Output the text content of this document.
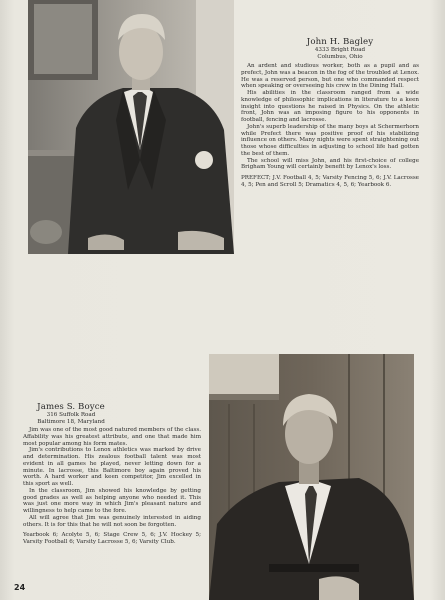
John H. Bagley

4333 Bright Road

Columbus, Ohio

An ardent and studious worker, both as a pupil and as prefect, John was a beacon in the fog of the troubled at Lenox. He was a reserved person, but one who commanded respect when speaking or overseeing his crew in the Dining Hall.

His abilities in the classroom ranged from a wide knowledge of philosophic implications in literature to a keen insight into questions he raised in Physics. On the athletic front, John was an imposing figure to his opponents in football, fencing and lacrosse.

John's superb leadership of the many boys at Schermerhorn while Prefect there was positive proof of his stabilizing influence on others. Many nights were spent straightening out those whose difficulties in adjusting to school life had gotten the best of them.

The school will miss John, and his first-choice of college Brigham Young will certainly benefit by Lenox's loss.

PREFECT; J.V. Football 4, 5; Varsity Fencing 5, 6; J.V. Lacrosse 4, 5; Pen and Scroll 5; Dramatics 4, 5, 6; Yearbook 6.

James S. Boyce

316 Suffolk Road

Baltimore 18, Maryland

Jim was one of the most good natured members of the class. Affability was his greatest attribute, and one that made him most popular among his form mates.

Jim's contributions to Lenox athletics was marked by drive and determination. His zealous football talent was most evident in all games he played, never letting down for a minute. In lacrosse, this Baltimore boy again proved his worth. A hard worker and keen competitor, Jim excelled in this sport as well.

In the classroom, Jim showed his knowledge by getting good grades as well as helping anyone who needed it. This was just one more way in which Jim's pleasant nature and willingness to help came to the fore.

All will agree that Jim was genuinely interested in aiding others. It is for this that he will not soon be forgotten.

Yearbook 6; Acolyte 5, 6; Stage Crew 5, 6; J.V. Hockey 5; Varsity Football 6; Varsity Lacrosse 5, 6; Varsity Club.

24
